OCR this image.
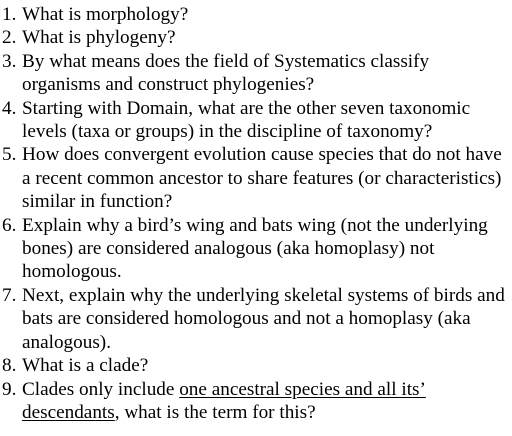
1. What is morphology?
2. What is phylogeny?
3. By what means does the field of Systematics classify organisms and construct phylogenies?
4. Starting with Domain, what are the other seven taxonomic levels (taxa or groups) in the discipline of taxonomy?
5. How does convergent evolution cause species that do not have a recent common ancestor to share features (or characteristics) similar in function?
6. Explain why a bird’s wing and bats wing (not the underlying bones) are considered analogous (aka homoplasy) not homologous.
7. Next, explain why the underlying skeletal systems of birds and bats are considered homologous and not a homoplasy (aka analogous).
8. What is a clade?
9. Clades only include one ancestral species and all its’ descendants, what is the term for this?
